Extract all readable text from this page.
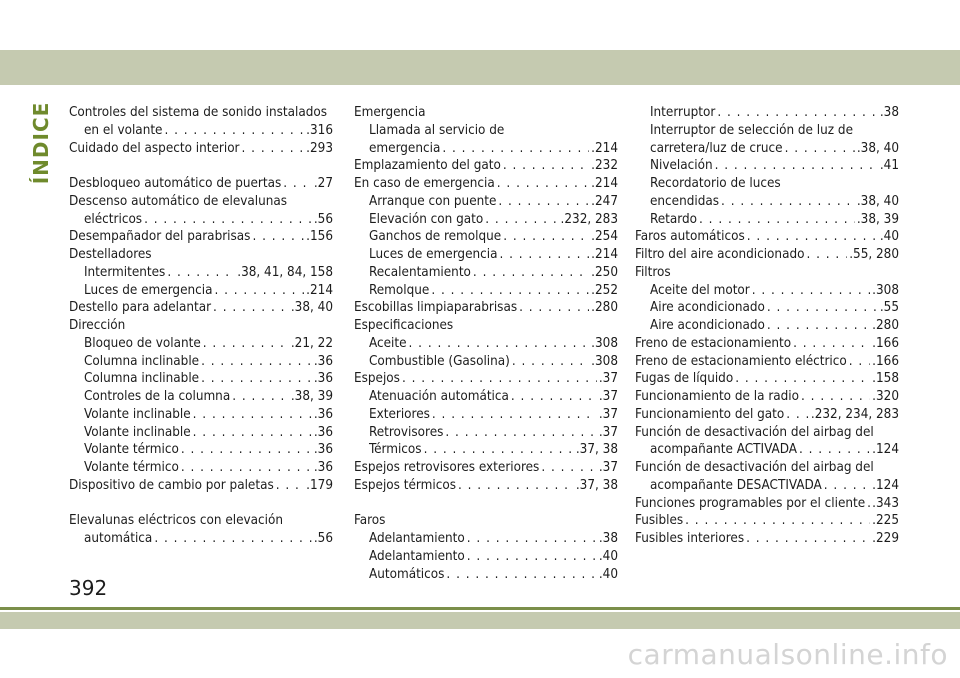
ÍNDICE Controles del sistema de sonido instalados
en el volante . . .	.316
Cuidado del aspecto interior . . .	.293
Desbloqueo automático de puertas . . . .27
Descenso automático de elevalunas
eléctricos . . .	.56
Desempañador del parabrisas . . .	.156
Destelladores
Intermitentes . . .	.38, 41, 84, 158
Luces de emergencia . . .	.214
Destello para adelantar . . .	.38, 40
Dirección
Bloqueo de volante . . .	.21, 22
Columna inclinable . . .	.36
Columna inclinable . . .	.36
Controles de la columna . . .	.38, 39
Volante inclinable . . .	.36
Volante inclinable . . .	.36
Volante térmico . . .	.36
Volante térmico . . .	.36
Dispositivo de cambio por paletas . . . .179
Elevalunas eléctricos con elevación
automática . . .	.56
Emergencia
Llamada al servicio de
emergencia . . .	.214
Emplazamiento del gato . . .	.232
En caso de emergencia . . .	.214
Arranque con puente . . .	.247
Elevación con gato . . .	.232, 283
Ganchos de remolque . . .	.254
Luces de emergencia . . .	.214
Recalentamiento . . .	.250
Remolque . . .	.252
Escobillas limpiaparabrisas . . .	.280
Especificaciones
Aceite . . .	.308
Combustible (Gasolina) . . .	.308
Espejos . . .	.37
Atenuación automática . . .	.37
Exteriores . . .	.37
Retrovisores . . .	.37
Térmicos . . .	.37, 38
Espejos retrovisores exteriores . . .	.37
Espejos térmicos . . .	.37, 38
Faros
Adelantamiento . . .	.38
Adelantamiento . . .	.40
Automáticos . . .	.40
Interruptor . . .	.38
Interruptor de selección de luz de
carretera/luz de cruce . . .	.38, 40
Nivelación . . .	.41
Recordatorio de luces
encendidas . . .	.38, 40
Retardo . . .	.38, 39
Faros automáticos . . .	.40
Filtro del aire acondicionado . . .	.55, 280
Filtros
Aceite del motor . . .	.308
Aire acondicionado . . .	.55
Aire acondicionado . . .	.280
Freno de estacionamiento . . .	.166
Freno de estacionamiento eléctrico . . . .166
Fugas de líquido . . .	.158
Funcionamiento de la radio . . .	.320
Funcionamiento del gato . . . .232, 234, 283
Función de desactivación del airbag del
acompañante ACTIVADA . . .	.124
Función de desactivación del airbag del
acompañante DESACTIVADA . . .	.124
Funciones programables por el cliente . . . .343
Fusibles . . .	.225
Fusibles interiores . . .	.229
392
carmanualsonline.info
